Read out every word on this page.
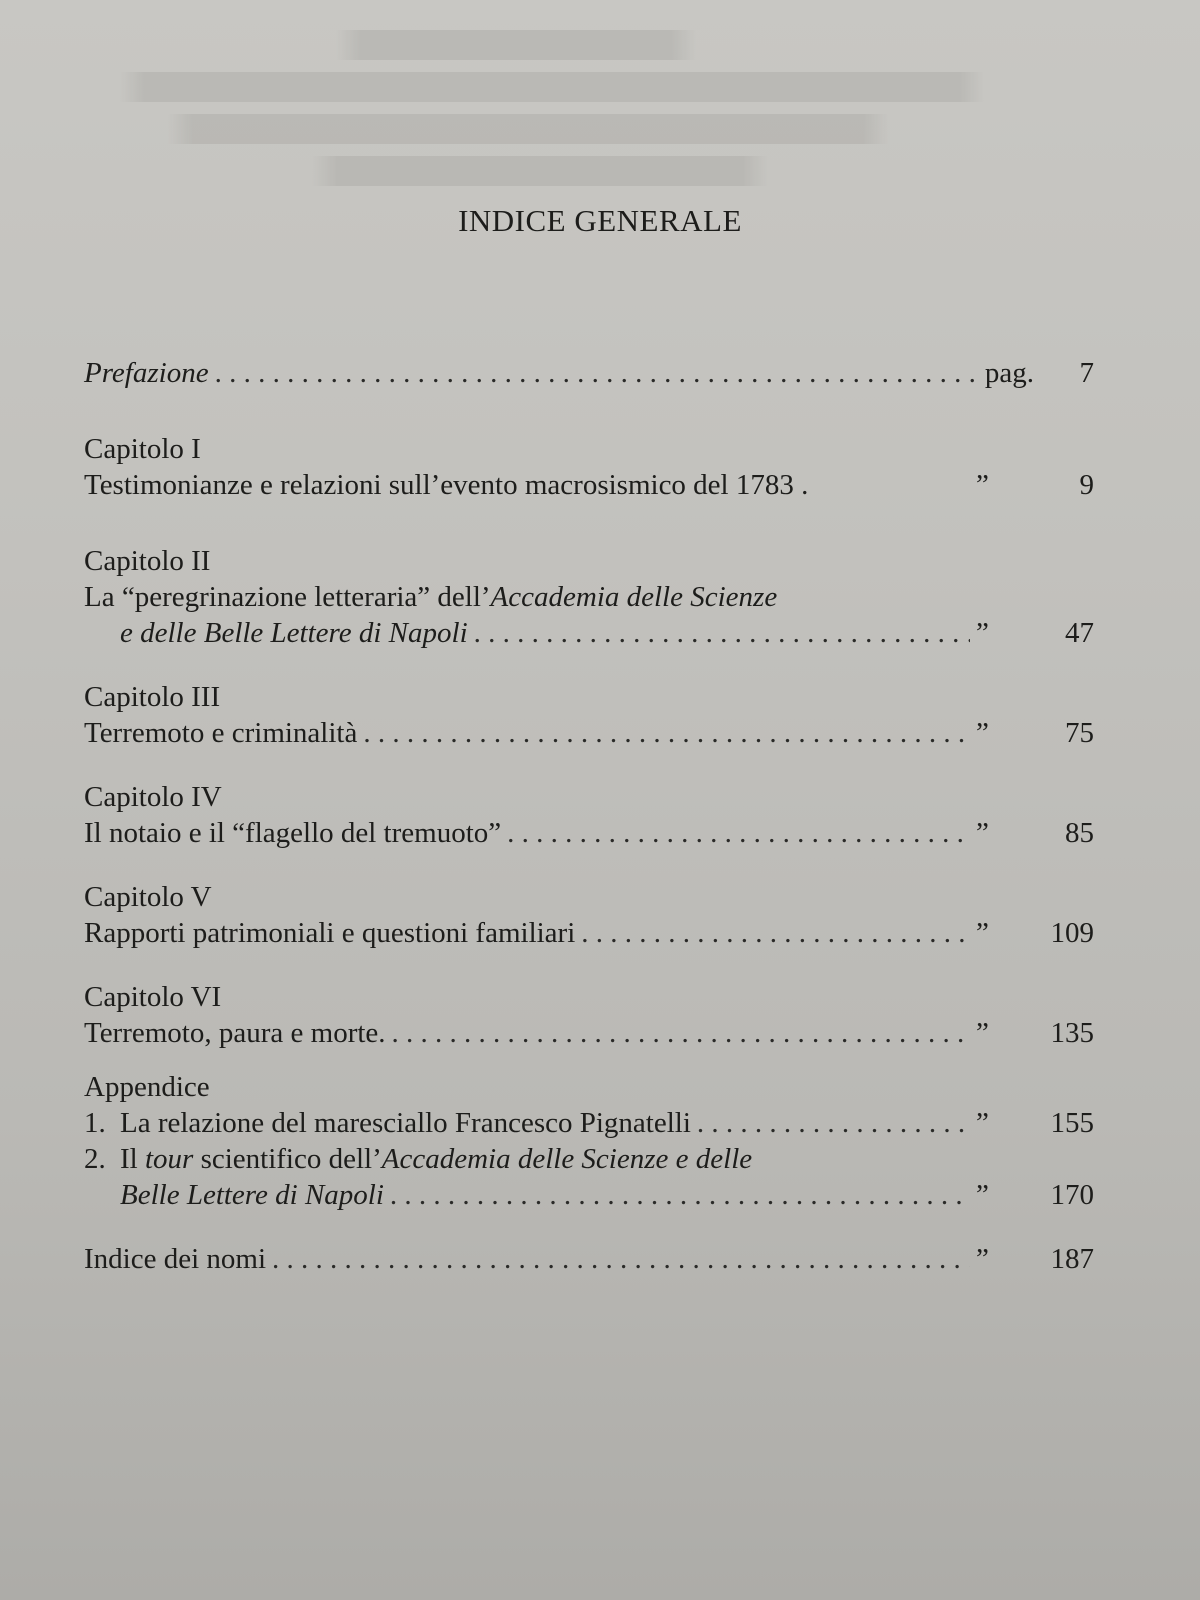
INDICE GENERALE
Prefazione . . .	pag.	7
Capitolo I
Testimonianze e relazioni sull’evento macrosismico del 1783 .	”	9
Capitolo II
La “peregrinazione letteraria” dell’Accademia delle Scienze
e delle Belle Lettere di Napoli . . .	”	47
Capitolo III
Terremoto e criminalità . . .	”	75
Capitolo IV
Il notaio e il “flagello del tremuoto” . . .	”	85
Capitolo V
Rapporti patrimoniali e questioni familiari . . .	”	109
Capitolo VI
Terremoto, paura e morte. . . .	”	135
Appendice
1. La relazione del maresciallo Francesco Pignatelli . . .	”	155
2. Il tour scientifico dell’Accademia delle Scienze e delle
Belle Lettere di Napoli . . .	”	170
Indice dei nomi . . .	”	187
